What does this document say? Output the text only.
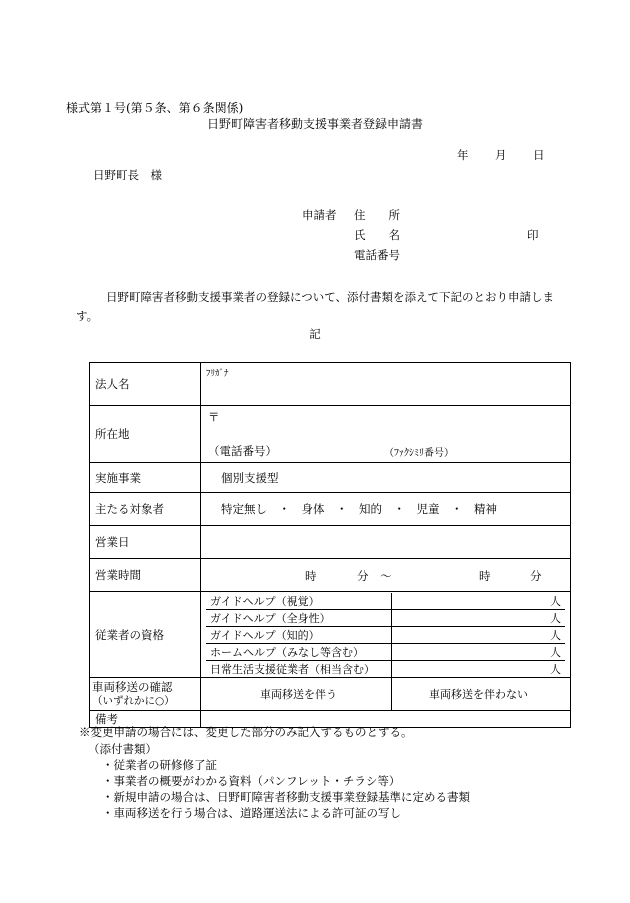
様式第１号(第５条、第６条関係)
日野町障害者移動支援事業者登録申請書
年 月 日
日野町長　様
申請者 住　　所
氏　　名	印
電話番号
日野町障害者移動支援事業者の登録について、添付書類を添えて下記のとおり申請します。
記
法人名	ﾌﾘｶﾞﾅ
所在地	
〒
（電話番号）	（ﾌｧｸｼﾐﾘ番号）

実施事業	個別支援型
主たる対象者	特定無し　・　身体　・　知的　・　児童　・　精神
営業日	
営業時間	時	分 ～	時	分

従業者の資格	
ガイドヘルプ（視覚）	人
ガイドヘルプ（全身性）	人
ガイドヘルプ（知的）	人
ホームヘルプ（みなし等含む）	人
日常生活支援従業者（相当含む）	人

車両移送の確認
（いずれかに○）
		車両移送を伴う	車両移送を伴わない

備考	
※変更申請の場合には、変更した部分のみ記入するものとする。
（添付書類）
・従業者の研修修了証
・事業者の概要がわかる資料（パンフレット・チラシ等）
・新規申請の場合は、日野町障害者移動支援事業登録基準に定める書類
・車両移送を行う場合は、道路運送法による許可証の写し
